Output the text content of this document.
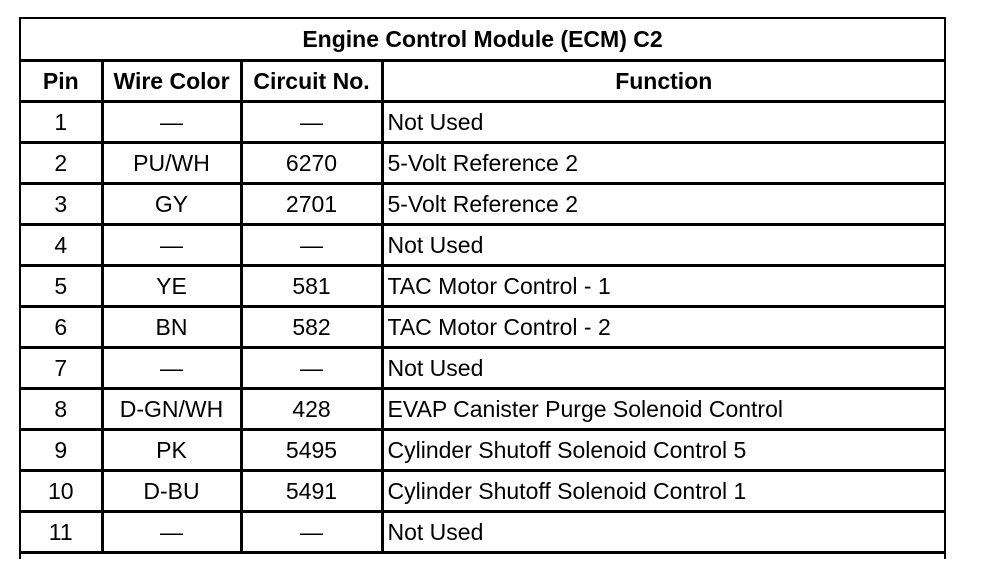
Engine Control Module (ECM) C2			
Pin	Wire Color	Circuit No.	Function
1	—	—	Not Used
2	PU/WH	6270	5-Volt Reference 2
3	GY	2701	5-Volt Reference 2
4	—	—	Not Used
5	YE	581	TAC Motor Control - 1
6	BN	582	TAC Motor Control - 2
7	—	—	Not Used
8	D-GN/WH	428	EVAP Canister Purge Solenoid Control
9	PK	5495	Cylinder Shutoff Solenoid Control 5
10	D-BU	5491	Cylinder Shutoff Solenoid Control 1
11	—	—	Not Used
